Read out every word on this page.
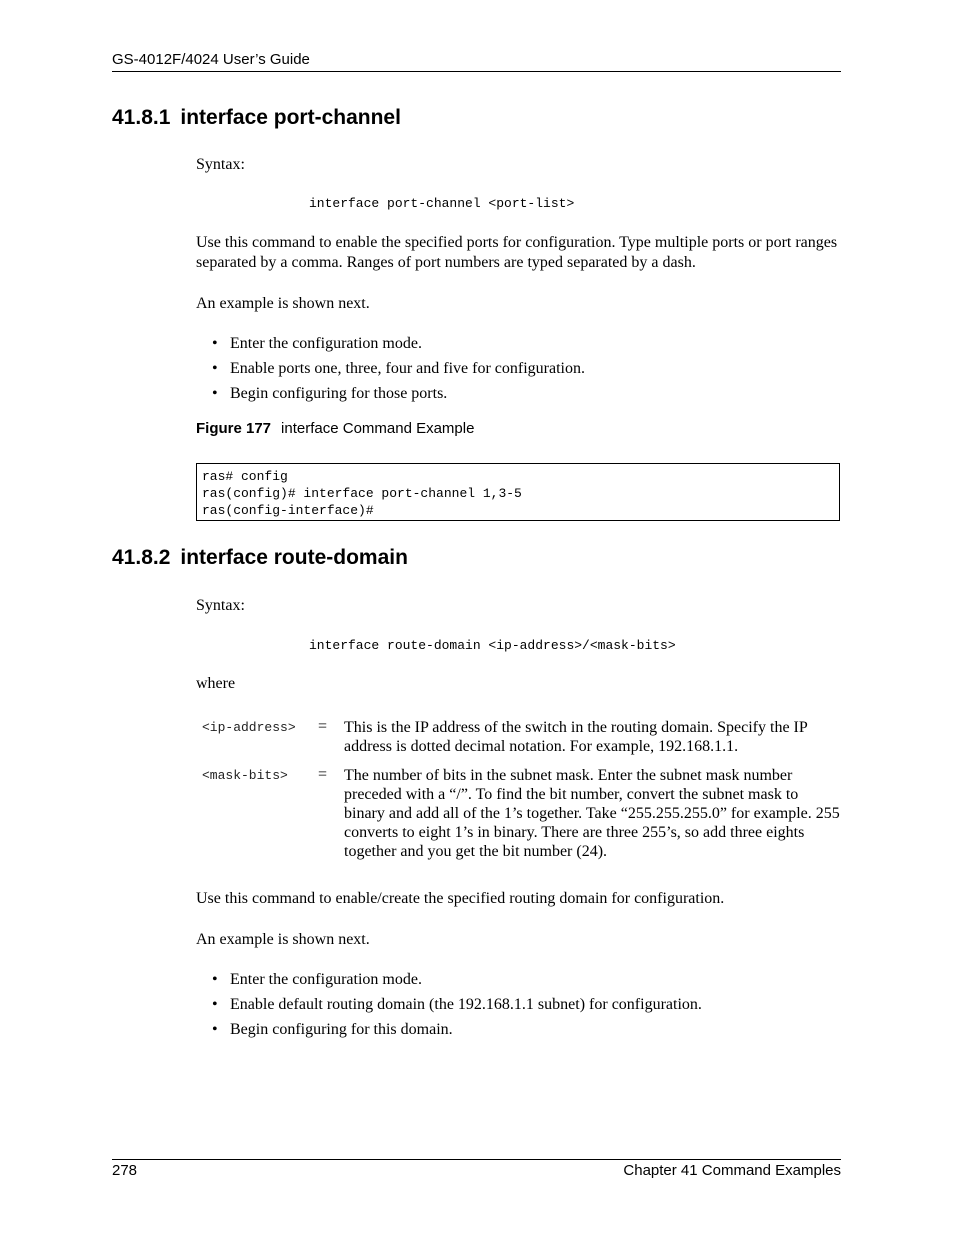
GS-4012F/4024 User’s Guide
41.8.1 interface port-channel
Syntax:
interface port-channel <port-list>
Use this command to enable the specified ports for configuration. Type multiple ports or port ranges separated by a comma. Ranges of port numbers are typed separated by a dash.
An example is shown next.
• Enter the configuration mode.
• Enable ports one, three, four and five for configuration.
• Begin configuring for those ports.
Figure 177 interface Command Example
ras# config
ras(config)# interface port-channel 1,3-5
ras(config-interface)#
41.8.2 interface route-domain
Syntax:
interface route-domain <ip-address>/<mask-bits>
where
<ip-address> = This is the IP address of the switch in the routing domain. Specify the IP address is dotted decimal notation. For example, 192.168.1.1.
<mask-bits> = The number of bits in the subnet mask. Enter the subnet mask number preceded with a “/”. To find the bit number, convert the subnet mask to binary and add all of the 1’s together. Take “255.255.255.0” for example. 255 converts to eight 1’s in binary. There are three 255’s, so add three eights together and you get the bit number (24).
Use this command to enable/create the specified routing domain for configuration.
An example is shown next.
• Enter the configuration mode.
• Enable default routing domain (the 192.168.1.1 subnet) for configuration.
• Begin configuring for this domain.
278	Chapter 41 Command Examples
